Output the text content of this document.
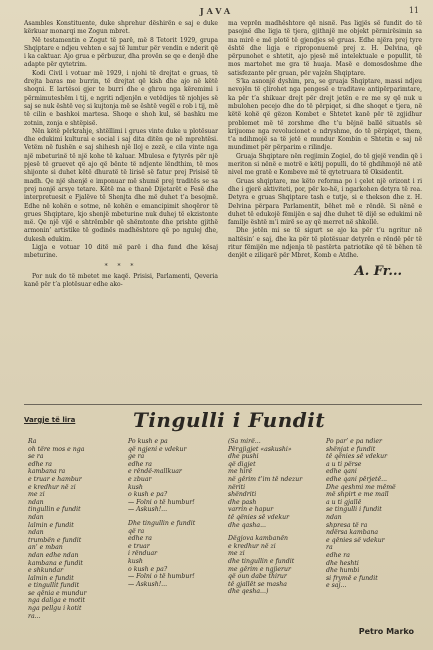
JAVA	11

Asambles Konstituente, duke shprehur dëshirën e saj e duke kërkuar monarqi me Zogun mbret.

Në testamentin e Zogut të parë, më 8 Tetorit 1929, grupa Shqiptare e ndjeu vehten e saj të lumtur për vendin e nderit që i ka caktuar. Ajo grua e përbuzur, dha provën se qe e denjë dhe adapte për qytetrim.

Kodi Civil i votuar më 1929, i njohi të drejtat e gruas, të drejta baras me burrin, të drejtat që kish dhe ajo në këtë shoqni. E lartësoi gjer te burri dhe e ghrou nga këremimi i përmimuteshëm i tij, e ngriti ndjenjën e vetëdijes të njohjes së saj se nuk është veç si kujtonja më se është vegël e rob i tij, më të cilin e bashkoi martesa. Shoqe e shoh kul, së bashku me zotnin, zonja e shtëpisë.

Nën këtë përkrahje, shtëllimi i grues vinte duke u plotësuar dhe edukimi kulturai e social i saj dita ditën qe në mprehtësi. Vetëm në fushën e saj shihesh një lloj e zezë, e cila vinte nga një mbeturinë të një kohe të kaluar. Mbulesa e fytyrës për një pjesë të gruevet që ajo që bënte të ndjente lëndthim, të mos shijonte si duhet këtë dhuratë të lirisë së fatur prej Prisisë të madh. Qe një shenjë e imponuar më shumë prej traditës se sa prej nonjë arsye tetare. Këtë ma e thanë Dijetarët e Fesë dhe interpretuesit e Fjalëve të Shenjta dhe më duhet t’a besojmë. Edhe në kohën e sotme, në kohën e emancipimit shoqëror të grues Shqiptare, kjo shenjë mbeturine nuk duhej të ekzistonte më. Qe një vijë e shtrëmbër që shëmtonte dhe prishte gjithë armonin’ artistike të godinës madhështore që po ngulej dhe, dukesh edukim.

Ligja e votuar 10 ditë më parë i dha fund dhe kësaj mbeturine.

* * *

Por nuk do të mbetet me kaqë. Prisisi, Parlamenti, Qeveria kanë për t’a plotësuar edhe ako-

ma veprën madhështore që nisnë. Pas ligjës së fundit do të pasojnë dhe ligja të tjera, gjithnjë me objekt përmirësimin sa ma mirë e më plotë të gjendjes së gruas. Edhe njëra prej tyre është dhe ligja e riproponuemë prej z. H. Delvina, që përpunohet e shtetit, ajo pjesë më intelektuale e popullit, të mos martohet me gra të huaja. Masë e domosdoshme dhe satisfezante për gruan, për vajzën Shqiptare.

S’ka asnonjë dyshim, pra, se gruaja Shqiptare, massi ndjeu nevojën të çlirohet nga pengesë e traditave antipërparimtare, ka për t’a shikuar drejt për drejt jetën e re me sy që nuk u mbulohen pecejo dhe do të përpiqet, si dhe shoqet e tjera, në këtë kohë që gëzon Kombet e Shtetet kanë për të zgjidhur problemet më të zorshme dhe t’u bëjnë ballë situatës së krijuome nga revolucionet e ndryshme, do të përpiqet, them, t’a ndihmojë sa të jetë e mundur Kombin e Shtetin e saj në mundimet për përparim e rilindje.

Gruaja Shqiptare nën regjimin Zogiel, do të gjejë vendin që i meriton si nënë e motrë e këtij populli, do të ghdihmojë në atë nivel me gratë e Kombeve më të qytetruara të Oksidentit.

Gruas shqiptare, me këto reforma po i çelet një orizont i ri dhe i gjerë aktiviteti, por, për ko-hë, i ngarkohen detyra të rea. Detyra e gruas Shqiptare tash e tutje, si e thekson dhe z. H. Delvina përpara Parlamentit, bëhet më e rëndë. Si nënë e duhet të edukojë fëmijën e saj dhe duhet të dijë se edukimi në familje është m’i mirë se ay që merret në shkollë.

Dhe jetën mi se të sigurt se ajo ka për t’u ngritur në naltësin’ e saj, dhe ka për të plotësuar detyrën e rëndë për të ritur fëmijën me ndjenja të pastërta patriotike që të bëhen të denjët e ziliqarë për Mbret, Komb e Atdhe.

A. Fr...
Vargje të lira	Tingulli i Fundit
Ra
oh tëre mos e nga
se ra
edhe ra
kambana ra
e truar e hambur
e kredhur në zi
me zi
ndan
tingullin e fundit
ndan
lalmin e fundit
ndan
trumbën e fundit
an’ e mban
ndan edhe ndan
kambana e fundit
e shkundar
lalmin e fundit
e tingullit fundit
se qënia e mundur
nga daliga e motit
nga pellgu i kotit
ra...
Po kush e pa
që ngjeni e vdekur
ge ra
edhe ra
e rëndë-mallkuar
e zbuar
kush
o kush e pa?
— Folni o të humbur!
— Askush!...
Dhe tingullin e fundit
që ra
edhe ra
e truar
i rënduar
kush
o kush e pa?
— Folni o të humbur!
— Askush!...
(Sa mirë...
Përgjigjet «askushi»
dhe pushi
që digjet
me hirë
në gërim t’im të ndezur
nëriti
shëndriti
dhe pash
varrin e hapur
të qënies së vdekur
dhe qasha...
Dëgjova kambanën
e kredhur në zi
me zi
dhe tingullin e fundit
me gërim e ngjierur
që oun dabe thirur
të gjallët se masha
dhe qesha...)
Po par’ e pa ndier
shënjat e fundit
të qënies së vdekur
a u ti përse
edhe qani
edhe qani përjetë...
Dhe qeshmi me mëmë
më shpirt e me mall
a u ti gjallë
se tingulli i fundit
ndan
shpresa të ra
ndërsa kambana
e qënies së vdekur
ra
edhe ra
dhe heshti
dhe humbi
si frymë e fundit
e saj...
Petro Marko
